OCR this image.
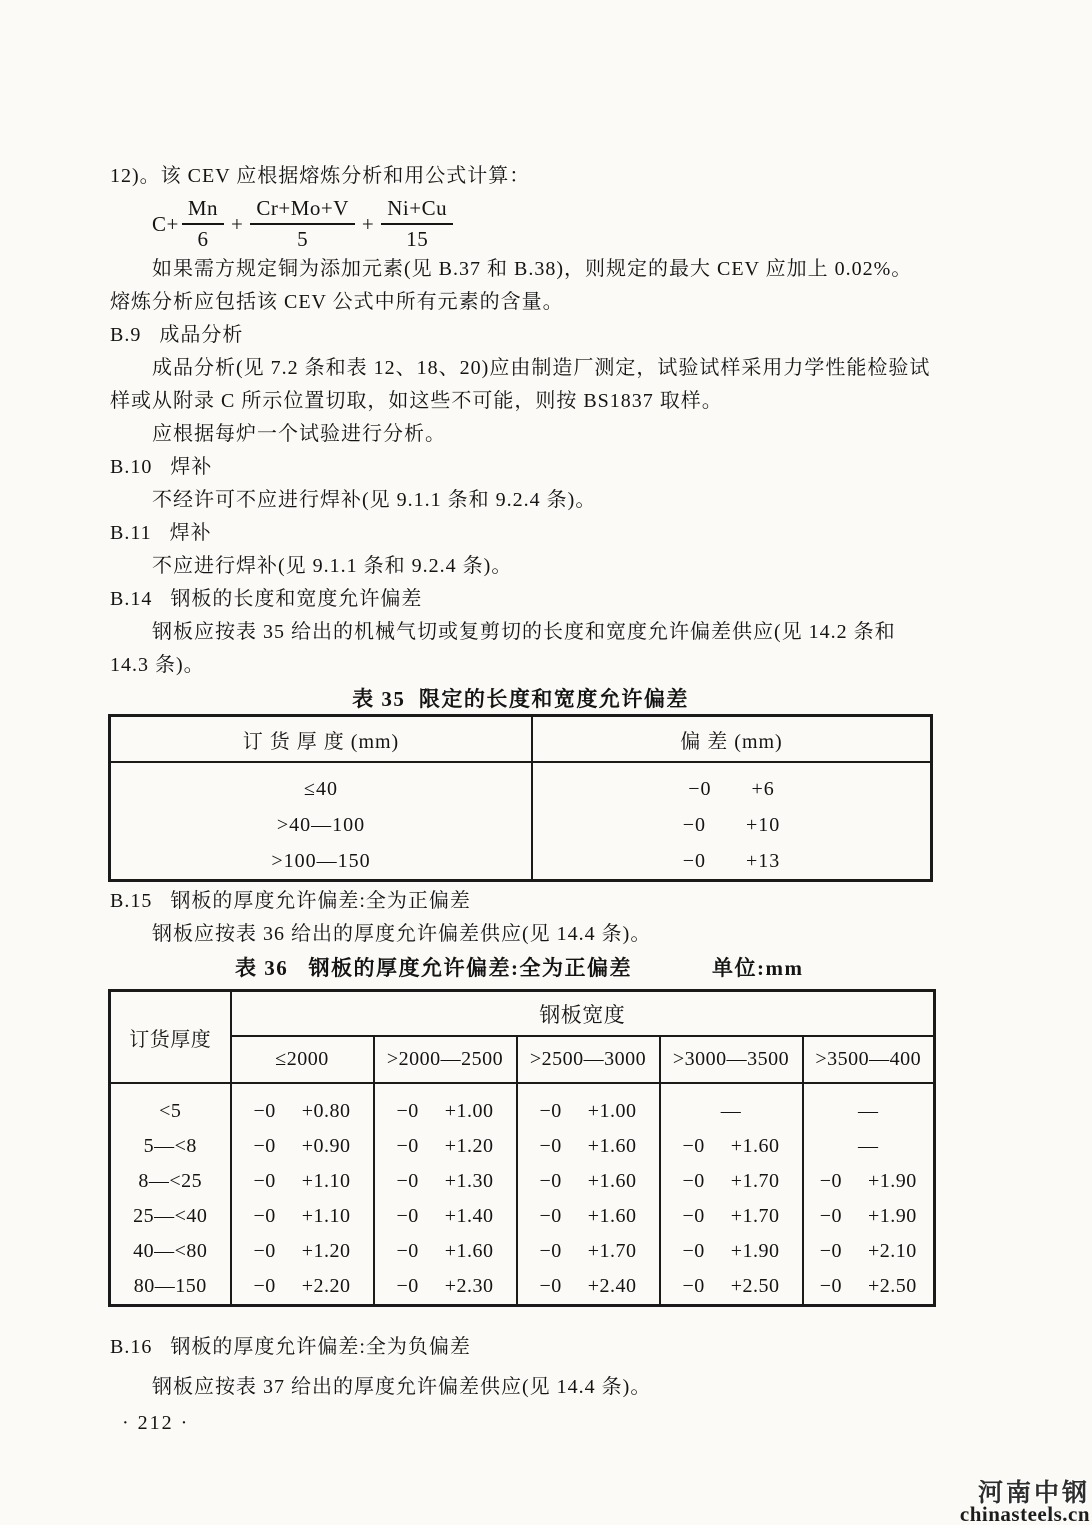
12)。该 CEV 应根据熔炼分析和用公式计算：
$C+ \frac{Mn}{6} + \frac{Cr+Mo+V}{5} + \frac{Ni+Cu}{15}$
如果需方规定铜为添加元素(见 B.37 和 B.38)，则规定的最大 CEV 应加上 0.02%。
熔炼分析应包括该 CEV 公式中所有元素的含量。
B.9   成品分析
成品分析(见 7.2 条和表 12、18、20)应由制造厂测定，试验试样采用力学性能检验试
样或从附录 C 所示位置切取，如这些不可能，则按 BS1837 取样。
应根据每炉一个试验进行分析。
B.10   焊补
不经许可不应进行焊补(见 9.1.1 条和 9.2.4 条)。
B.11   焊补
不应进行焊补(见 9.1.1 条和 9.2.4 条)。
B.14   钢板的长度和宽度允许偏差
钢板应按表 35 给出的机械气切或复剪切的长度和宽度允许偏差供应(见 14.2 条和
14.3 条)。
表 35  限定的长度和宽度允许偏差
订 货 厚 度 (mm)	偏 差 (mm)
≤40	−0 +6

>40—100	−0 +10

>100—150	−0 +13
B.15   钢板的厚度允许偏差:全为正偏差
钢板应按表 36 给出的厚度允许偏差供应(见 14.4 条)。
表 36   钢板的厚度允许偏差:全为正偏差	单位:mm
订货厚度	钢板宽度				
	≤2000	>2000—2500	>2500—3000	>3000—3500	>3500—400
<5	−0 +0.80	−0 +1.00	−0 +1.00	—	—

5—<8	−0 +0.90	−0 +1.20	−0 +1.60	−0 +1.60	—

8—<25	−0 +1.10	−0 +1.30	−0 +1.60	−0 +1.70	−0 +1.90

25—<40	−0 +1.10	−0 +1.40	−0 +1.60	−0 +1.70	−0 +1.90

40—<80	−0 +1.20	−0 +1.60	−0 +1.70	−0 +1.90	−0 +2.10

80—150	−0 +2.20	−0 +2.30	−0 +2.40	−0 +2.50	−0 +2.50
B.16   钢板的厚度允许偏差:全为负偏差
钢板应按表 37 给出的厚度允许偏差供应(见 14.4 条)。
· 212 ·
河南中钢
chinasteels.cn
